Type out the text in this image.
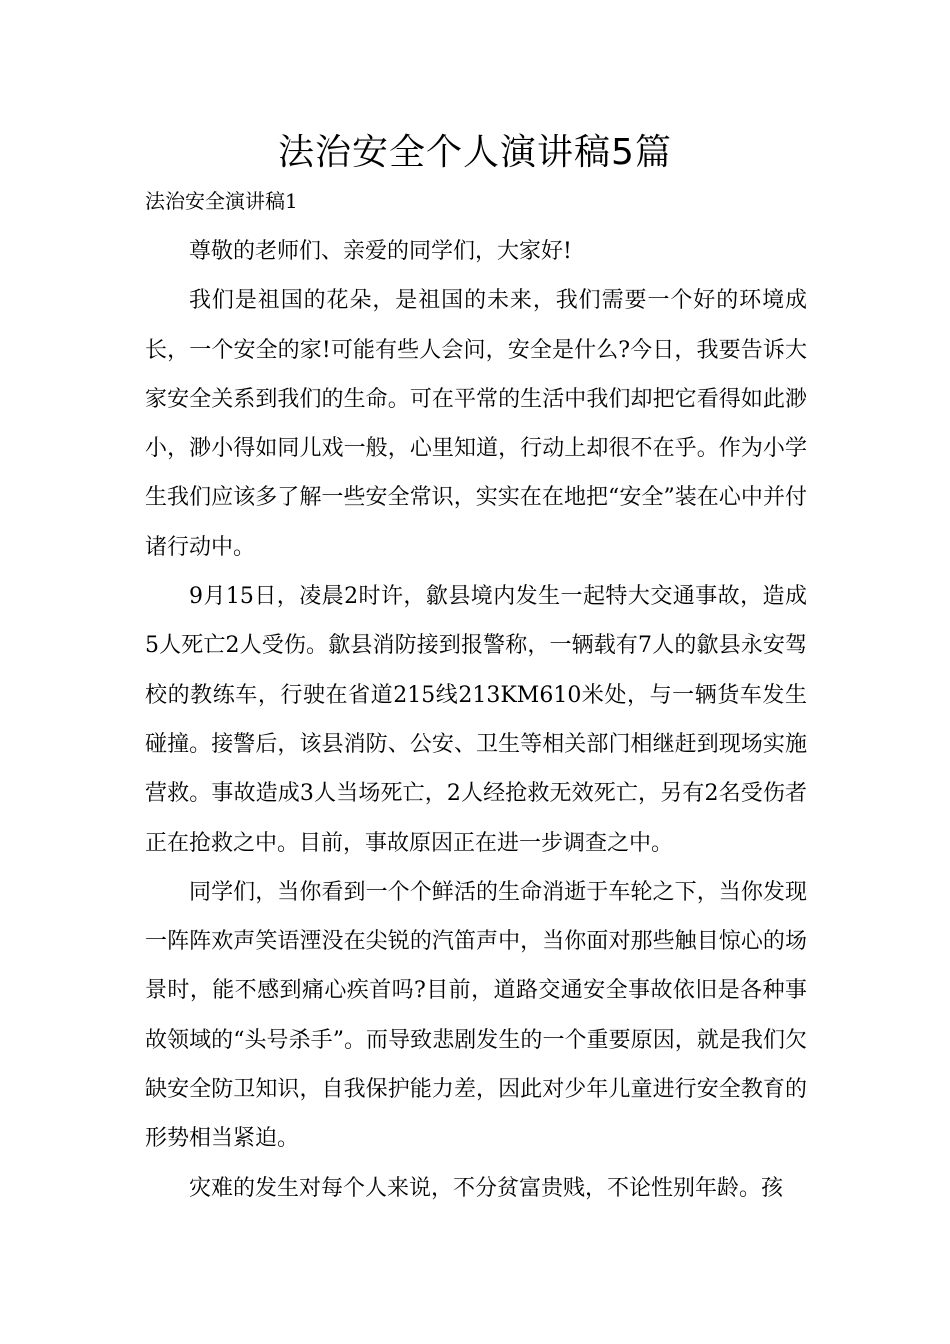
法治安全个人演讲稿5篇

法治安全演讲稿1

尊敬的老师们、亲爱的同学们，大家好!

我们是祖国的花朵，是祖国的未来，我们需要一个好的环境成长，一个安全的家!可能有些人会问，安全是什么?今日，我要告诉大家安全关系到我们的生命。可在平常的生活中我们却把它看得如此渺小，渺小得如同儿戏一般，心里知道，行动上却很不在乎。作为小学生我们应该多了解一些安全常识，实实在在地把“安全”装在心中并付诸行动中。

9月15日，凌晨2时许，歙县境内发生一起特大交通事故，造成5人死亡2人受伤。歙县消防接到报警称，一辆载有7人的歙县永安驾校的教练车，行驶在省道215线213KM610米处，与一辆货车发生碰撞。接警后，该县消防、公安、卫生等相关部门相继赶到现场实施营救。事故造成3人当场死亡，2人经抢救无效死亡，另有2名受伤者正在抢救之中。目前，事故原因正在进一步调查之中。

同学们，当你看到一个个鲜活的生命消逝于车轮之下，当你发现一阵阵欢声笑语湮没在尖锐的汽笛声中，当你面对那些触目惊心的场景时，能不感到痛心疾首吗?目前，道路交通安全事故依旧是各种事故领域的“头号杀手”。而导致悲剧发生的一个重要原因，就是我们欠缺安全防卫知识，自我保护能力差，因此对少年儿童进行安全教育的形势相当紧迫。

灾难的发生对每个人来说，不分贫富贵贱，不论性别年龄。孩
